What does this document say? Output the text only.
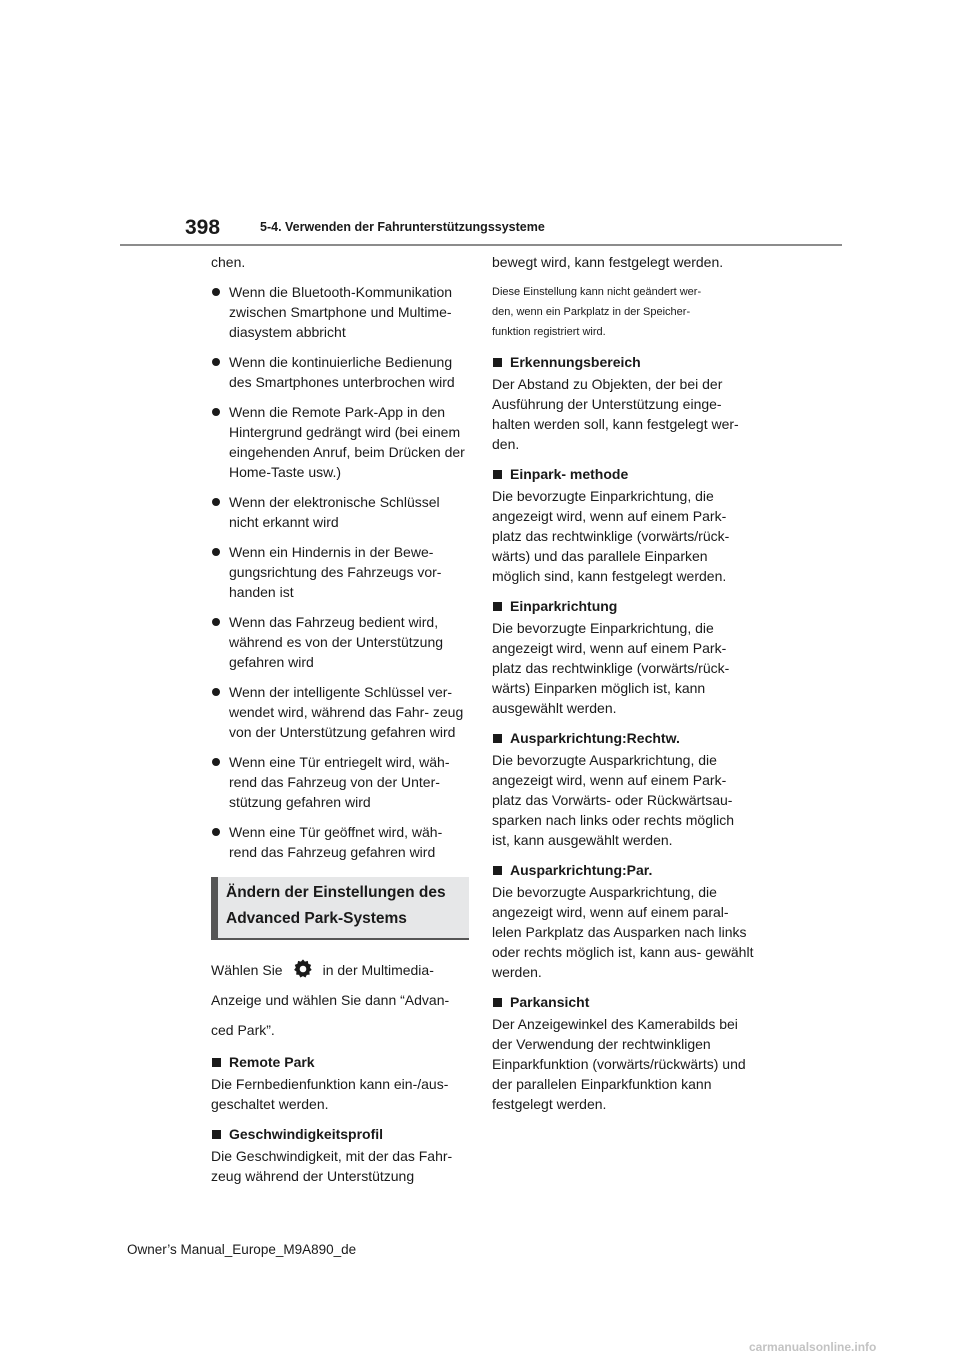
398	5-4. Verwenden der Fahrunterstützungssysteme
chen.
Wenn die Bluetooth-Kommunikation zwischen Smartphone und Multime- diasystem abbricht
Wenn die kontinuierliche Bedienung des Smartphones unterbrochen wird
Wenn die Remote Park-App in den Hintergrund gedrängt wird (bei einem eingehenden Anruf, beim Drücken der Home-Taste usw.)
Wenn der elektronische Schlüssel nicht erkannt wird
Wenn ein Hindernis in der Bewe- gungsrichtung des Fahrzeugs vor- handen ist
Wenn das Fahrzeug bedient wird, während es von der Unterstützung gefahren wird
Wenn der intelligente Schlüssel ver- wendet wird, während das Fahr- zeug von der Unterstützung gefahren wird
Wenn eine Tür entriegelt wird, wäh- rend das Fahrzeug von der Unter- stützung gefahren wird
Wenn eine Tür geöffnet wird, wäh- rend das Fahrzeug gefahren wird
Ändern der Einstellungen des Advanced Park-Systems
Wählen Sie	in der Multimedia-
Anzeige und wählen Sie dann “Advan-
ced Park”.
Remote Park
Die Fernbedienfunktion kann ein-/aus- geschaltet werden.
Geschwindigkeitsprofil
Die Geschwindigkeit, mit der das Fahr- zeug während der Unterstützung
bewegt wird, kann festgelegt werden.
Diese Einstellung kann nicht geändert wer-
den, wenn ein Parkplatz in der Speicher-
funktion registriert wird.
Erkennungsbereich
Der Abstand zu Objekten, der bei der Ausführung der Unterstützung einge- halten werden soll, kann festgelegt wer- den.
Einpark- methode
Die bevorzugte Einparkrichtung, die angezeigt wird, wenn auf einem Park- platz das rechtwinklige (vorwärts/rück- wärts) und das parallele Einparken möglich sind, kann festgelegt werden.
Einparkrichtung
Die bevorzugte Einparkrichtung, die angezeigt wird, wenn auf einem Park- platz das rechtwinklige (vorwärts/rück- wärts) Einparken möglich ist, kann ausgewählt werden.
Ausparkrichtung:Rechtw.
Die bevorzugte Ausparkrichtung, die angezeigt wird, wenn auf einem Park- platz das Vorwärts- oder Rückwärtsau- sparken nach links oder rechts möglich ist, kann ausgewählt werden.
Ausparkrichtung:Par.
Die bevorzugte Ausparkrichtung, die angezeigt wird, wenn auf einem paral- lelen Parkplatz das Ausparken nach links oder rechts möglich ist, kann aus- gewählt werden.
Parkansicht
Der Anzeigewinkel des Kamerabilds bei der Verwendung der rechtwinkligen Einparkfunktion (vorwärts/rückwärts) und der parallelen Einparkfunktion kann festgelegt werden.
Owner’s Manual_Europe_M9A890_de
carmanualsonline.info
